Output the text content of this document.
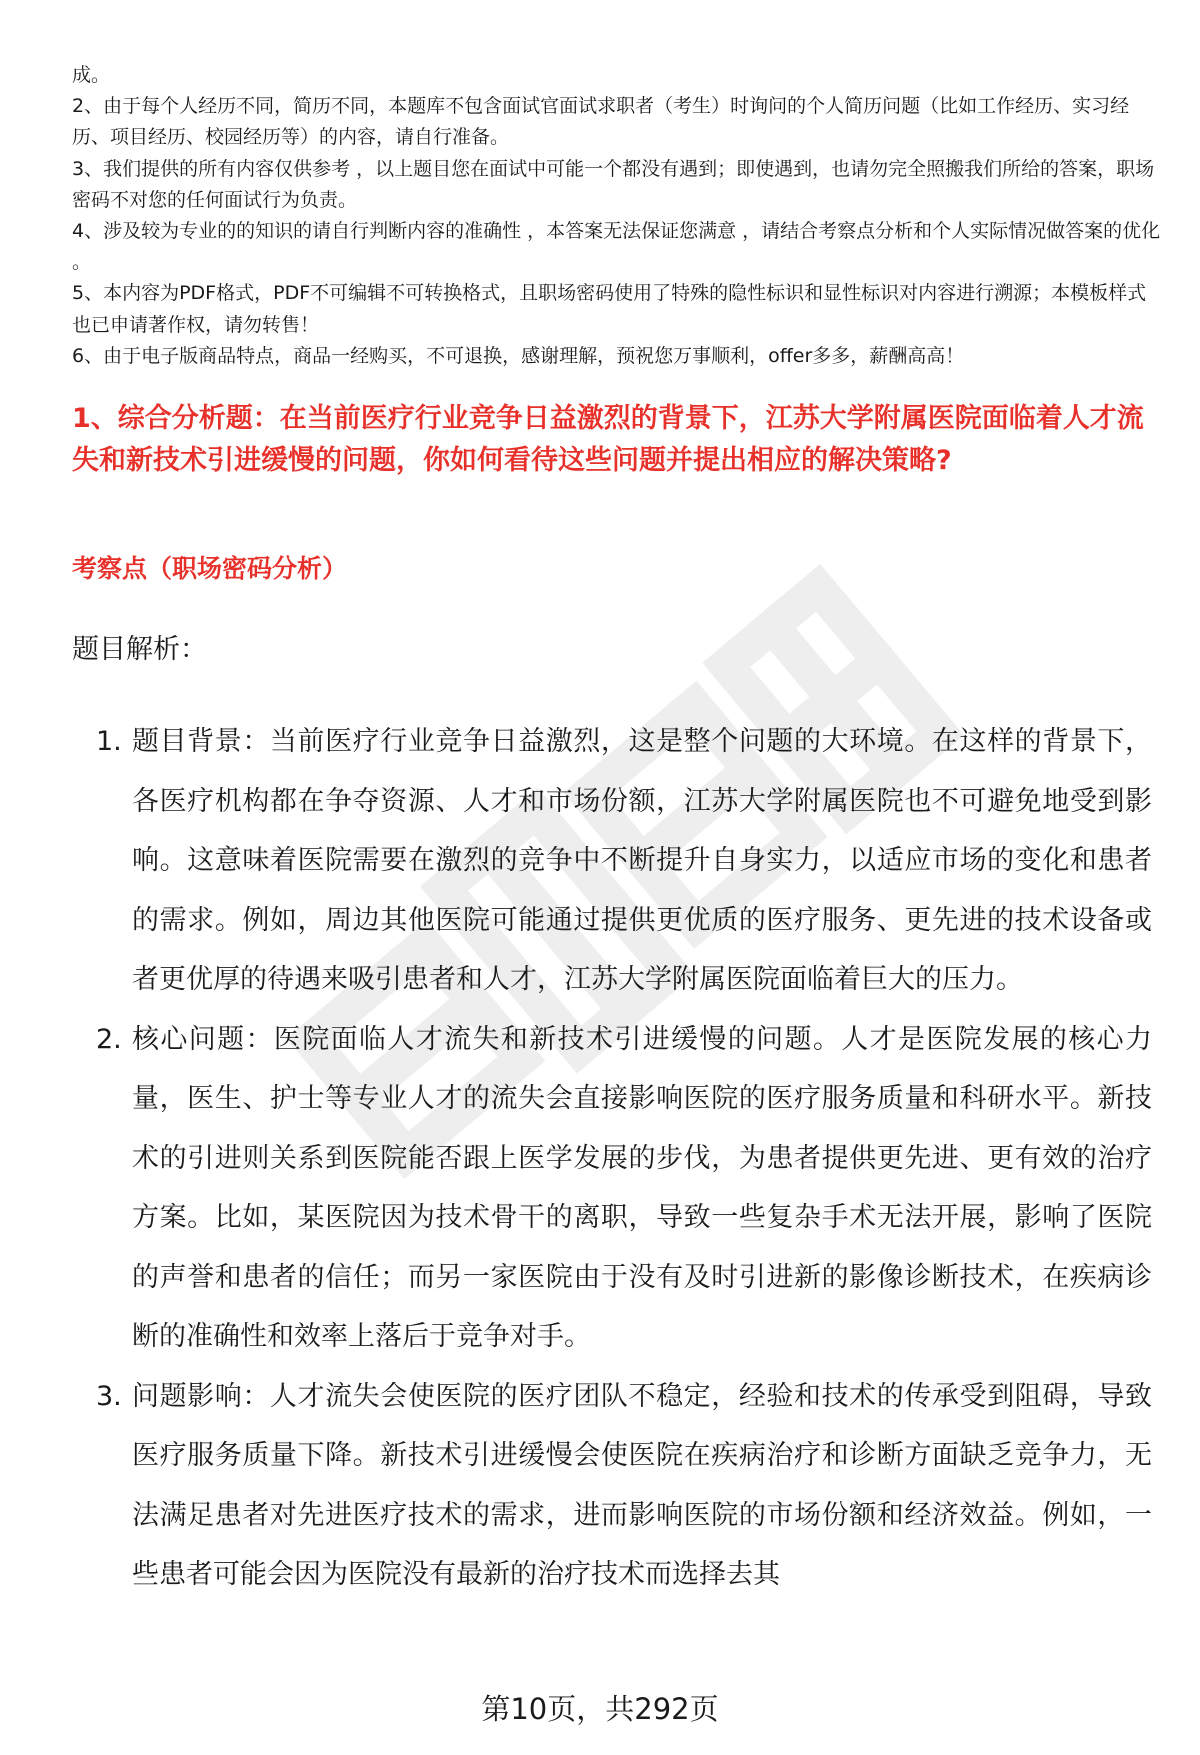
成。

2、由于每个人经历不同，简历不同，本题库不包含面试官面试求职者（考生）时询问的个人简历问题（比如工作经历、实习经历、项目经历、校园经历等）的内容，请自行准备。

3、我们提供的所有内容仅供参考 ，以上题目您在面试中可能一个都没有遇到；即使遇到，也请勿完全照搬我们所给的答案，职场密码不对您的任何面试行为负责。

4、涉及较为专业的的知识的请自行判断内容的准确性 ，本答案无法保证您满意 ，请结合考察点分析和个人实际情况做答案的优化 。

5、本内容为PDF格式，PDF不可编辑不可转换格式，且职场密码使用了特殊的隐性标识和显性标识对内容进行溯源；本模板样式也已申请著作权，请勿转售！

6、由于电子版商品特点，商品一经购买，不可退换，感谢理解，预祝您万事顺利，offer多多，薪酬高高！

1、综合分析题：在当前医疗行业竞争日益激烈的背景下，江苏大学附属医院面临着人才流失和新技术引进缓慢的问题，你如何看待这些问题并提出相应的解决策略?
考察点（职场密码分析）

题目解析：

1. 题目背景：当前医疗行业竞争日益激烈，这是整个问题的大环境。在这样的背景下，各医疗机构都在争夺资源、人才和市场份额，江苏大学附属医院也不可避免地受到影响。这意味着医院需要在激烈的竞争中不断提升自身实力，以适应市场的变化和患者的需求。例如，周边其他医院可能通过提供更优质的医疗服务、更先进的技术设备或者更优厚的待遇来吸引患者和人才，江苏大学附属医院面临着巨大的压力。
2. 核心问题：医院面临人才流失和新技术引进缓慢的问题。人才是医院发展的核心力量，医生、护士等专业人才的流失会直接影响医院的医疗服务质量和科研水平。新技术的引进则关系到医院能否跟上医学发展的步伐，为患者提供更先进、更有效的治疗方案。比如，某医院因为技术骨干的离职，导致一些复杂手术无法开展，影响了医院的声誉和患者的信任；而另一家医院由于没有及时引进新的影像诊断技术，在疾病诊断的准确性和效率上落后于竞争对手。
3. 问题影响：人才流失会使医院的医疗团队不稳定，经验和技术的传承受到阻碍，导致医疗服务质量下降。新技术引进缓慢会使医院在疾病治疗和诊断方面缺乏竞争力，无法满足患者对先进医疗技术的需求，进而影响医院的市场份额和经济效益。例如，一些患者可能会因为医院没有最新的治疗技术而选择去其
第10页，共292页
